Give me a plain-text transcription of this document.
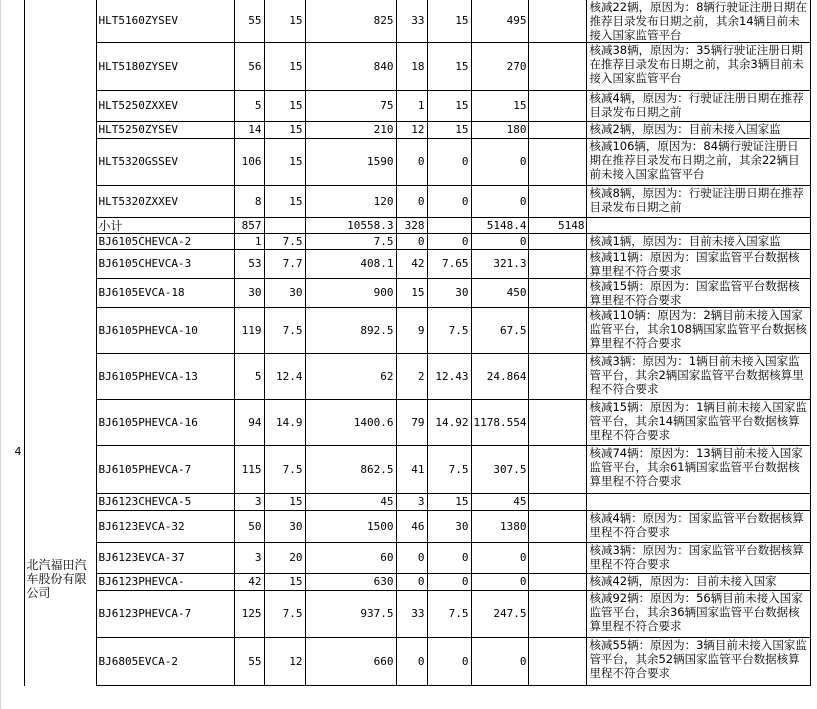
		HLT5160ZYSEV	55	15	825	33	15	495		核减22辆，原因为：8辆行驶证注册日期在推荐目录发布日期之前，其余14辆目前未接入国家监管平台
		HLT5180ZYSEV	56	15	840	18	15	270		核减38辆，原因为：35辆行驶证注册日期在推荐目录发布日期之前，其余3辆目前未接入国家监管平台
		HLT5250ZXXEV	5	15	75	1	15	15		核减4辆，原因为：行驶证注册日期在推荐目录发布日期之前
		HLT5250ZYSEV	14	15	210	12	15	180		核减2辆，原因为：目前未接入国家监
		HLT5320GSSEV	106	15	1590	0	0	0		核减106辆，原因为：84辆行驶证注册日期在推荐目录发布日期之前，其余22辆目前未接入国家监管平台
		HLT5320ZXXEV	8	15	120	0	0	0		核减8辆，原因为：行驶证注册日期在推荐目录发布日期之前
4	北汽福田汽车股份有限公司	小计	857		10558.3	328		5148.4	5148	
		BJ6105CHEVCA-2	1	7.5	7.5	0	0	0		核减1辆，原因为：目前未接入国家监
		BJ6105CHEVCA-3	53	7.7	408.1	42	7.65	321.3		核减11辆：原因为：国家监管平台数据核算里程不符合要求
		BJ6105EVCA-18	30	30	900	15	30	450		核减15辆：原因为：国家监管平台数据核算里程不符合要求
		BJ6105PHEVCA-10	119	7.5	892.5	9	7.5	67.5		核减110辆：原因为：2辆目前未接入国家监管平台，其余108辆国家监管平台数据核算里程不符合要求
		BJ6105PHEVCA-13	5	12.4	62	2	12.43	24.864		核减3辆：原因为：1辆目前未接入国家监管平台，其余2辆国家监管平台数据核算里程不符合要求
		BJ6105PHEVCA-16	94	14.9	1400.6	79	14.92	1178.554		核减15辆：原因为：1辆目前未接入国家监管平台，其余14辆国家监管平台数据核算里程不符合要求
		BJ6105PHEVCA-7	115	7.5	862.5	41	7.5	307.5		核减74辆：原因为：13辆目前未接入国家监管平台，其余61辆国家监管平台数据核算里程不符合要求
		BJ6123CHEVCA-5	3	15	45	3	15	45		
		BJ6123EVCA-32	50	30	1500	46	30	1380		核减4辆：原因为：国家监管平台数据核算里程不符合要求
		BJ6123EVCA-37	3	20	60	0	0	0		核减3辆：原因为：国家监管平台数据核算里程不符合要求
		BJ6123PHEVCA-	42	15	630	0	0	0		核减42辆，原因为：目前未接入国家
		BJ6123PHEVCA-7	125	7.5	937.5	33	7.5	247.5		核减92辆：原因为：56辆目前未接入国家监管平台，其余36辆国家监管平台数据核算里程不符合要求
		BJ6805EVCA-2	55	12	660	0	0	0		核减55辆：原因为：3辆目前未接入国家监管平台，其余52辆国家监管平台数据核算里程不符合要求
